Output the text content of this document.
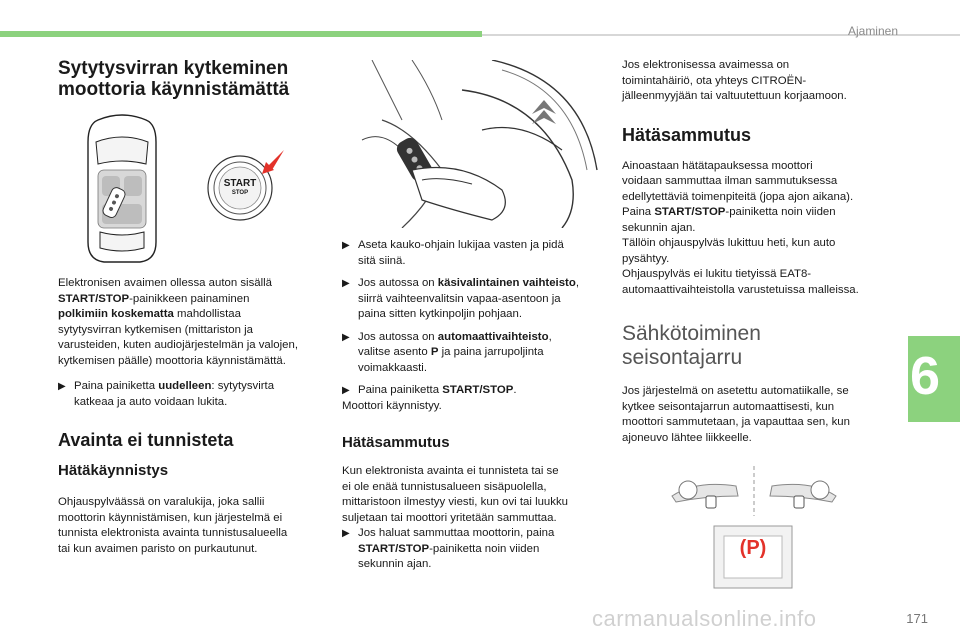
Ajaminen
Sytytysvirran kytkeminen
moottoria käynnistämättä
START
STOP

Elektronisen avaimen ollessa auton sisällä
START/STOP-painikkeen painaminen
polkimiin koskematta mahdollistaa
sytytysvirran kytkemisen (mittariston ja
varusteiden, kuten audiojärjestelmän ja valojen,
kytkemisen päälle) moottoria käynnistämättä.

▶ Paina painiketta uudelleen: sytytysvirta
katkeaa ja auto voidaan lukita.
Avainta ei tunnisteta
Hätäkäynnistys

Ohjauspylväässä on varalukija, joka sallii
moottorin käynnistämisen, kun järjestelmä ei
tunnista elektronista avainta tunnistusalueella
tai kun avaimen paristo on purkautunut.

▶ Aseta kauko-ohjain lukijaa vasten ja pidä
sitä siinä.
▶ Jos autossa on käsivalintainen vaihteisto,
siirrä vaihteenvalitsin vapaa-asentoon ja
paina sitten kytkinpoljin pohjaan.
▶ Jos autossa on automaattivaihteisto,
valitse asento P ja paina jarrupoljinta
voimakkaasti.
▶ Paina painiketta START/STOP.

Moottori käynnistyy.

Hätäsammutus

Kun elektronista avainta ei tunnisteta tai se
ei ole enää tunnistusalueen sisäpuolella,
mittaristoon ilmestyy viesti, kun ovi tai luukku
suljetaan tai moottori yritetään sammuttaa.

▶ Jos haluat sammuttaa moottorin, paina
START/STOP-painiketta noin viiden
sekunnin ajan.

Jos elektronisessa avaimessa on
toimintahäiriö, ota yhteys CITROËN-
jälleenmyyjään tai valtuutettuun korjaamoon.

Hätäsammutus

Ainoastaan hätätapauksessa moottori
voidaan sammuttaa ilman sammutuksessa
edellytettäviä toimenpiteitä (jopa ajon aikana).
Paina START/STOP-painiketta noin viiden
sekunnin ajan.
Tällöin ohjauspylväs lukittuu heti, kun auto
pysähtyy.
Ohjauspylväs ei lukitu tietyissä EAT8-
automaattivaihteistolla varustetuissa malleissa.

Sähkötoiminen
seisontajarru

Jos järjestelmä on asetettu automatiikalle, se
kytkee seisontajarrun automaattisesti, kun
moottori sammutetaan, ja vapauttaa sen, kun
ajoneuvo lähtee liikkeelle.

(P)
6
carmanualsonline.info	171
